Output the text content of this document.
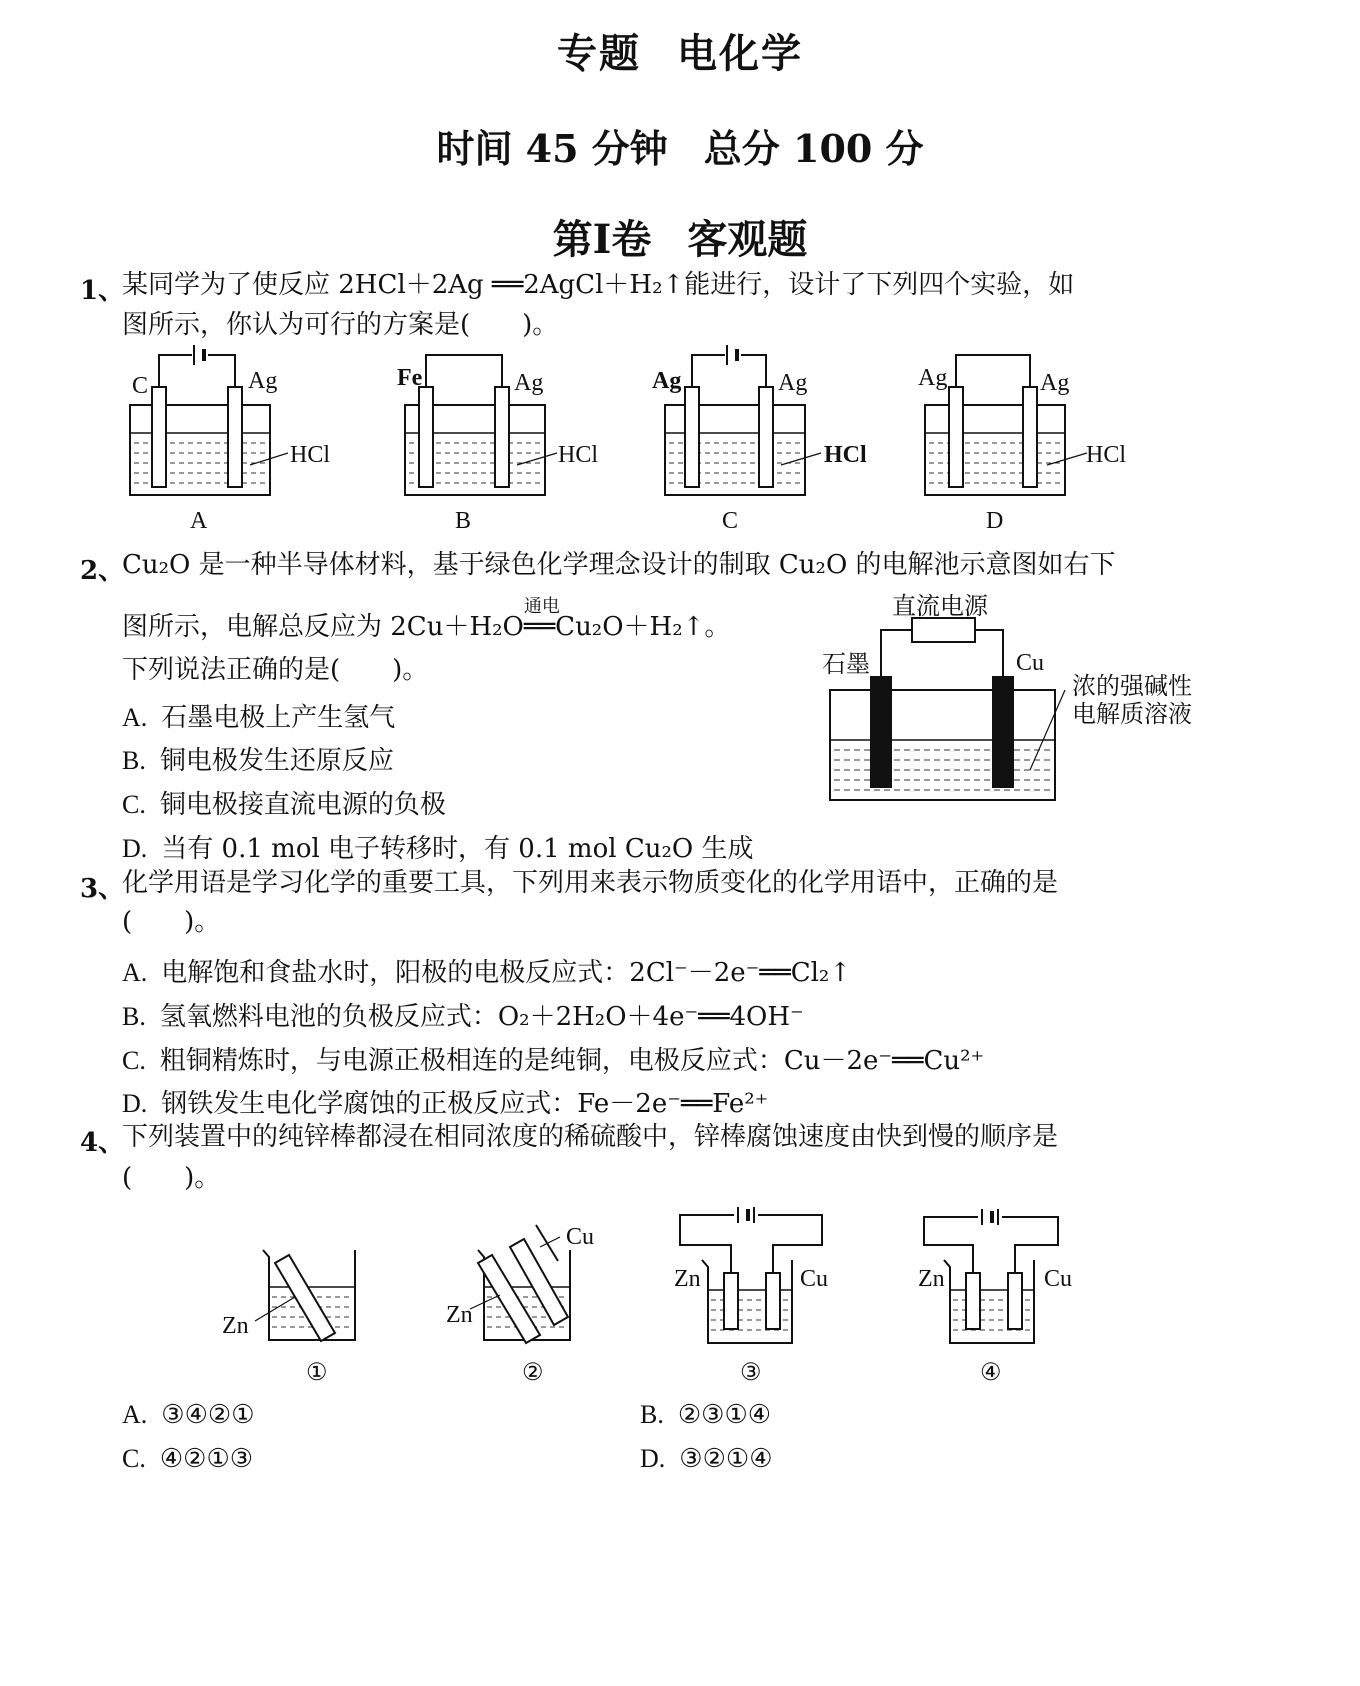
专题 电化学
时间 45 分钟 总分 100 分
第Ⅰ卷 客观题
1、
某同学为了使反应 2HCl＋2Ag ══2AgCl＋H₂↑能进行，设计了下列四个实验，如
图所示，你认为可行的方案是(　　)。
C	Ag
HCl
A
Fe	Ag
HCl
B
Ag	Ag
HCl
C
Ag	Ag
HCl
D
2、
Cu₂O 是一种半导体材料，基于绿色化学理念设计的制取 Cu₂O 的电解池示意图如右下
图所示，电解总反应为 2Cu＋H₂O
通电
══Cu₂O＋H₂↑。
下列说法正确的是(　　)。
A. 石墨电极上产生氢气
B. 铜电极发生还原反应
C. 铜电极接直流电源的负极
D. 当有 0.1 mol 电子转移时，有 0.1 mol Cu₂O 生成
直流电源
石墨	Cu
浓的强碱性
电解质溶液
3、
化学用语是学习化学的重要工具，下列用来表示物质变化的化学用语中，正确的是
(　　)。
A. 电解饱和食盐水时，阳极的电极反应式：2Cl⁻－2e⁻══Cl₂↑
B. 氢氧燃料电池的负极反应式：O₂＋2H₂O＋4e⁻══4OH⁻
C. 粗铜精炼时，与电源正极相连的是纯铜，电极反应式：Cu－2e⁻══Cu²⁺
D. 钢铁发生电化学腐蚀的正极反应式：Fe－2e⁻══Fe²⁺
4、
下列装置中的纯锌棒都浸在相同浓度的稀硫酸中，锌棒腐蚀速度由快到慢的顺序是
(　　)。
Zn
①
Zn
Cu
②
Zn	Cu
③
Zn	Cu
④
A. ③④②①	B. ②③①④
C. ④②①③	D. ③②①④
